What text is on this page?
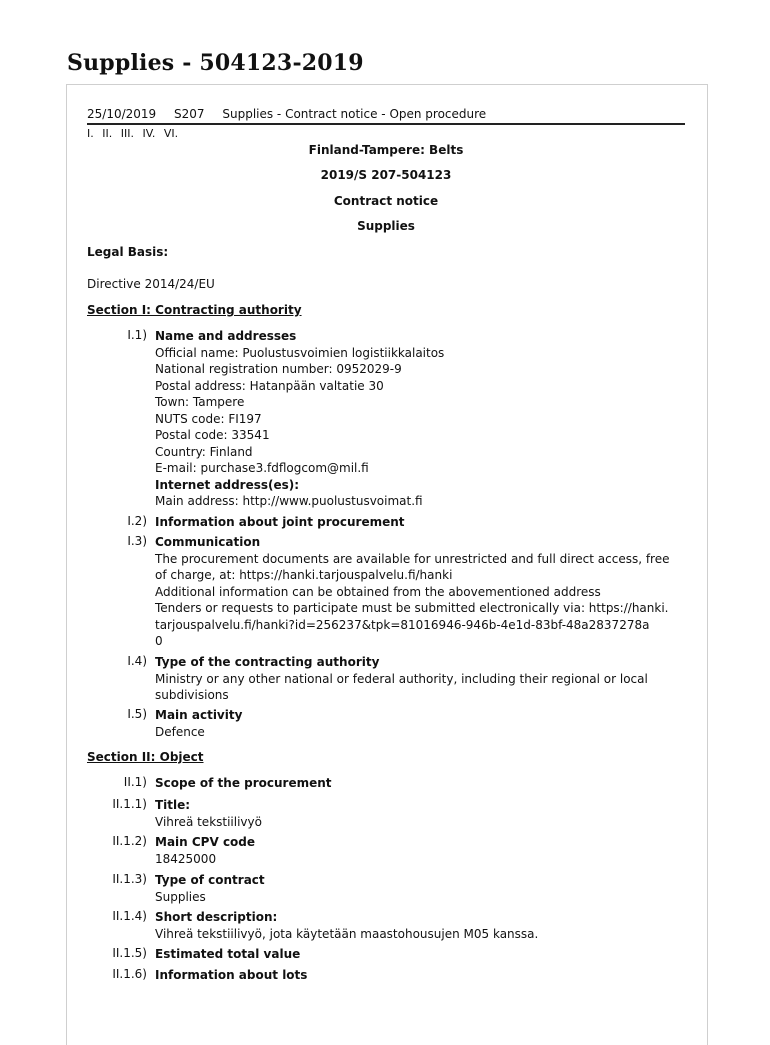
Supplies - 504123-2019
25/10/2019 S207 Supplies - Contract notice - Open procedure
I. II. III. IV. VI.
Finland-Tampere: Belts
2019/S 207-504123
Contract notice
Supplies
Legal Basis:
Directive 2014/24/EU
Section I: Contracting authority
I.1) Name and addresses
Official name: Puolustusvoimien logistiikkalaitos
National registration number: 0952029-9
Postal address: Hatanpään valtatie 30
Town: Tampere
NUTS code: FI197
Postal code: 33541
Country: Finland
E-mail: purchase3.fdflogcom@mil.fi
Internet address(es):
Main address: http://www.puolustusvoimat.fi
I.2) Information about joint procurement
I.3) Communication
The procurement documents are available for unrestricted and full direct access, free
of charge, at: https://hanki.tarjouspalvelu.fi/hanki
Additional information can be obtained from the abovementioned address
Tenders or requests to participate must be submitted electronically via: https://hanki.
tarjouspalvelu.fi/hanki?id=256237&tpk=81016946-946b-4e1d-83bf-48a2837278a
0
I.4) Type of the contracting authority
Ministry or any other national or federal authority, including their regional or local
subdivisions
I.5) Main activity
Defence
Section II: Object
II.1) Scope of the procurement
II.1.1) Title:
Vihreä tekstiilivyö
II.1.2) Main CPV code
18425000
II.1.3) Type of contract
Supplies
II.1.4) Short description:
Vihreä tekstiilivyö, jota käytetään maastohousujen M05 kanssa.
II.1.5) Estimated total value
II.1.6) Information about lots
